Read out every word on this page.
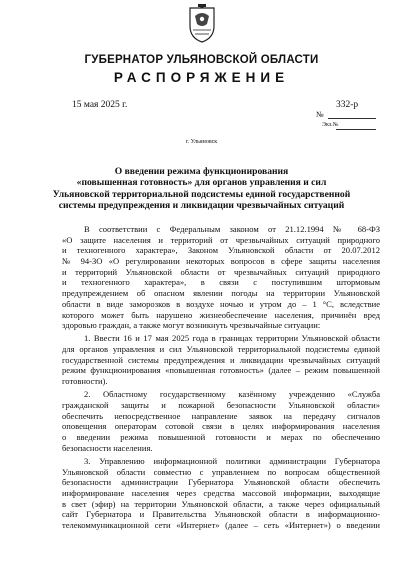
ГУБЕРНАТОР УЛЬЯНОВСКОЙ ОБЛАСТИ
РАСПОРЯЖЕНИЕ
15 мая 2025 г.	332-р
№
Экз.№
г. Ульяновск
О введении режима функционирования
«повышенная готовность» для органов управления и сил
Ульяновской территориальной подсистемы единой государственной
системы предупреждения и ликвидации чрезвычайных ситуаций
В соответствии с Федеральным законом от 21.12.1994 № 68-ФЗ
«О защите населения и территорий от чрезвычайных ситуаций природного
и техногенного характера», Законом Ульяновской области от 20.07.2012
№ 94-ЗО «О регулировании некоторых вопросов в сфере защиты населения
и территорий Ульяновской области от чрезвычайных ситуаций природного
и техногенного характера», в связи с поступившим штормовым
предупреждением об опасном явлении погоды на территории Ульяновской
области в виде заморозков в воздухе ночью и утром до – 1 °С, вследствие
которого может быть нарушено жизнеобеспечение населения, причинён вред
здоровью граждан, а также могут возникнуть чрезвычайные ситуации:
1. Ввести 16 и 17 мая 2025 года в границах территории Ульяновской области
для органов управления и сил Ульяновской территориальной подсистемы единой
государственной системы предупреждения и ликвидации чрезвычайных ситуаций
режим функционирования «повышенная готовность» (далее – режим повышенной
готовности).
2. Областному государственному казённому учреждению «Служба
гражданской защиты и пожарной безопасности Ульяновской области»
обеспечить непосредственное направление заявок на передачу сигналов
оповещения операторам сотовой связи в целях информирования населения
о введении режима повышенной готовности и мерах по обеспечению
безопасности населения.
3. Управлению информационной политики администрации Губернатора
Ульяновской области совместно с управлением по вопросам общественной
безопасности администрации Губернатора Ульяновской области обеспечить
информирование населения через средства массовой информации, выходящие
в свет (эфир) на территории Ульяновской области, а также через официальный
сайт Губернатора и Правительства Ульяновской области в информационно-
телекоммуникационной сети «Интернет» (далее – сеть «Интернет») о введении
